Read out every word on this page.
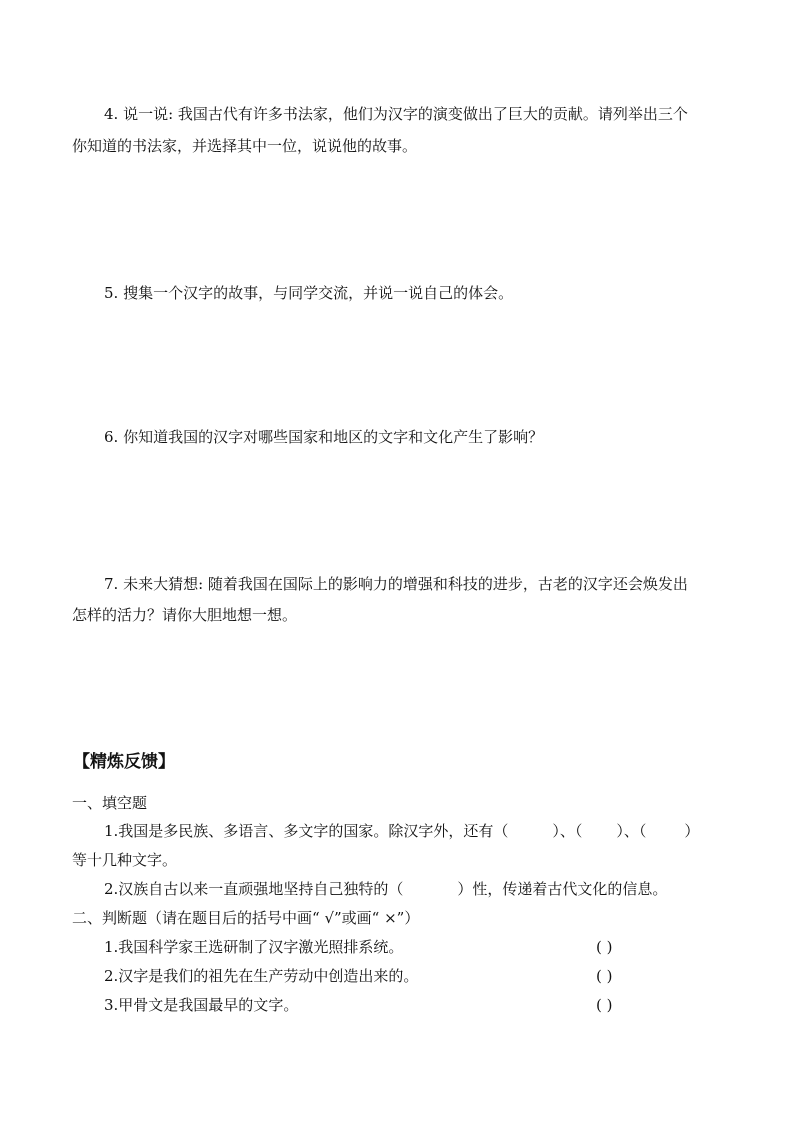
4. 说一说: 我国古代有许多书法家，他们为汉字的演变做出了巨大的贡献。请列举出三个
你知道的书法家，并选择其中一位，说说他的故事。
5. 搜集一个汉字的故事，与同学交流，并说一说自己的体会。
6. 你知道我国的汉字对哪些国家和地区的文字和文化产生了影响？
7. 未来大猜想: 随着我国在国际上的影响力的增强和科技的进步，古老的汉字还会焕发出
怎样的活力？请你大胆地想一想。
【精炼反馈】
一、填空题
1.我国是多民族、多语言、多文字的国家。除汉字外，还有（	）、（ ）、（	）
等十几种文字。
2.汉族自古以来一直顽强地坚持自己独特的（	）性，传递着古代文化的信息。
二、判断题（请在题目后的括号中画“ √”或画“ ×”）
1.我国科学家王选研制了汉字激光照排系统。	( )
2.汉字是我们的祖先在生产劳动中创造出来的。	( )
3.甲骨文是我国最早的文字。	( )
